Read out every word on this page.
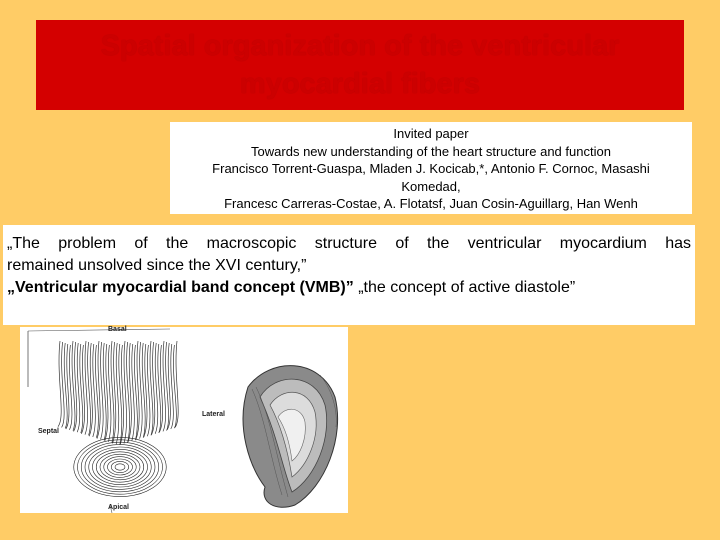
Spatial organization of the ventricular
myocardial fibers
Invited paper
Towards new understanding of the heart structure and function
Francisco Torrent-Guaspa, Mladen J. Kocicab,*, Antonio F. Cornoc, Masashi Komedad,
Francesc Carreras-Costae, A. Flotatsf, Juan Cosin-Aguillarg, Han Wenh
„The problem of the macroscopic structure of the ventricular myocardium has
remained unsolved since the XVI century,”
„Ventricular myocardial band concept (VMB)” „the concept of active diastole”
Basal
Septal
Lateral
Apical
